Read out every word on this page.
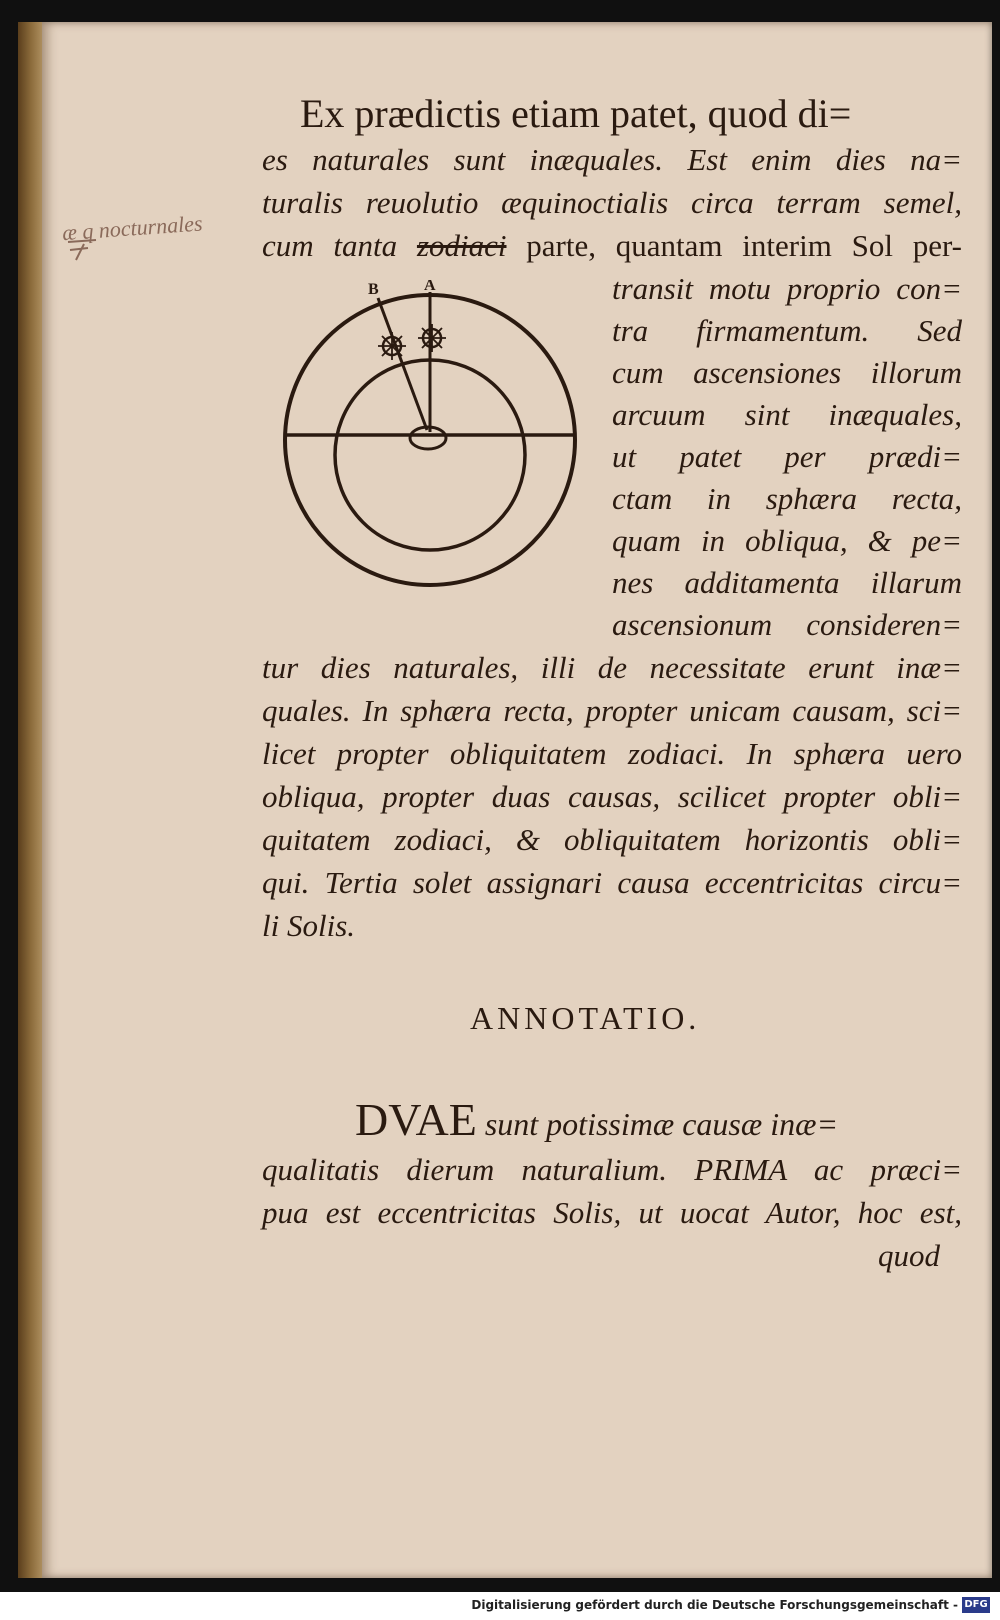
æ q nocturnales
Ex prædictis etiam patet, quod di=
es naturales sunt inæquales. Est enim dies na=
turalis reuolutio æquinoctialis circa terram semel,
cum tanta zodiaci parte, quantam interim Sol per-
B	A	transit motu proprio con=
tra firmamentum. Sed
cum ascensiones illorum
arcuum sint inæquales,
ut patet per prædi=
ctam in sphæra recta,
quam in obliqua, & pe=
nes additamenta illarum
ascensionum consideren=
tur dies naturales, illi de necessitate erunt inæ=
quales. In sphæra recta, propter unicam causam, sci=
licet propter obliquitatem zodiaci. In sphæra uero
obliqua, propter duas causas, scilicet propter obli=
quitatem zodiaci, & obliquitatem horizontis obli=
qui. Tertia solet assignari causa eccentricitas circu=
li Solis.
ANNOTATIO.
DVAE sunt potissimæ causæ inæ=
qualitatis dierum naturalium. PRIMA ac præci=
pua est eccentricitas Solis, ut uocat Autor, hoc est,
quod
Digitalisierung gefördert durch die Deutsche Forschungsgemeinschaft - DFG
